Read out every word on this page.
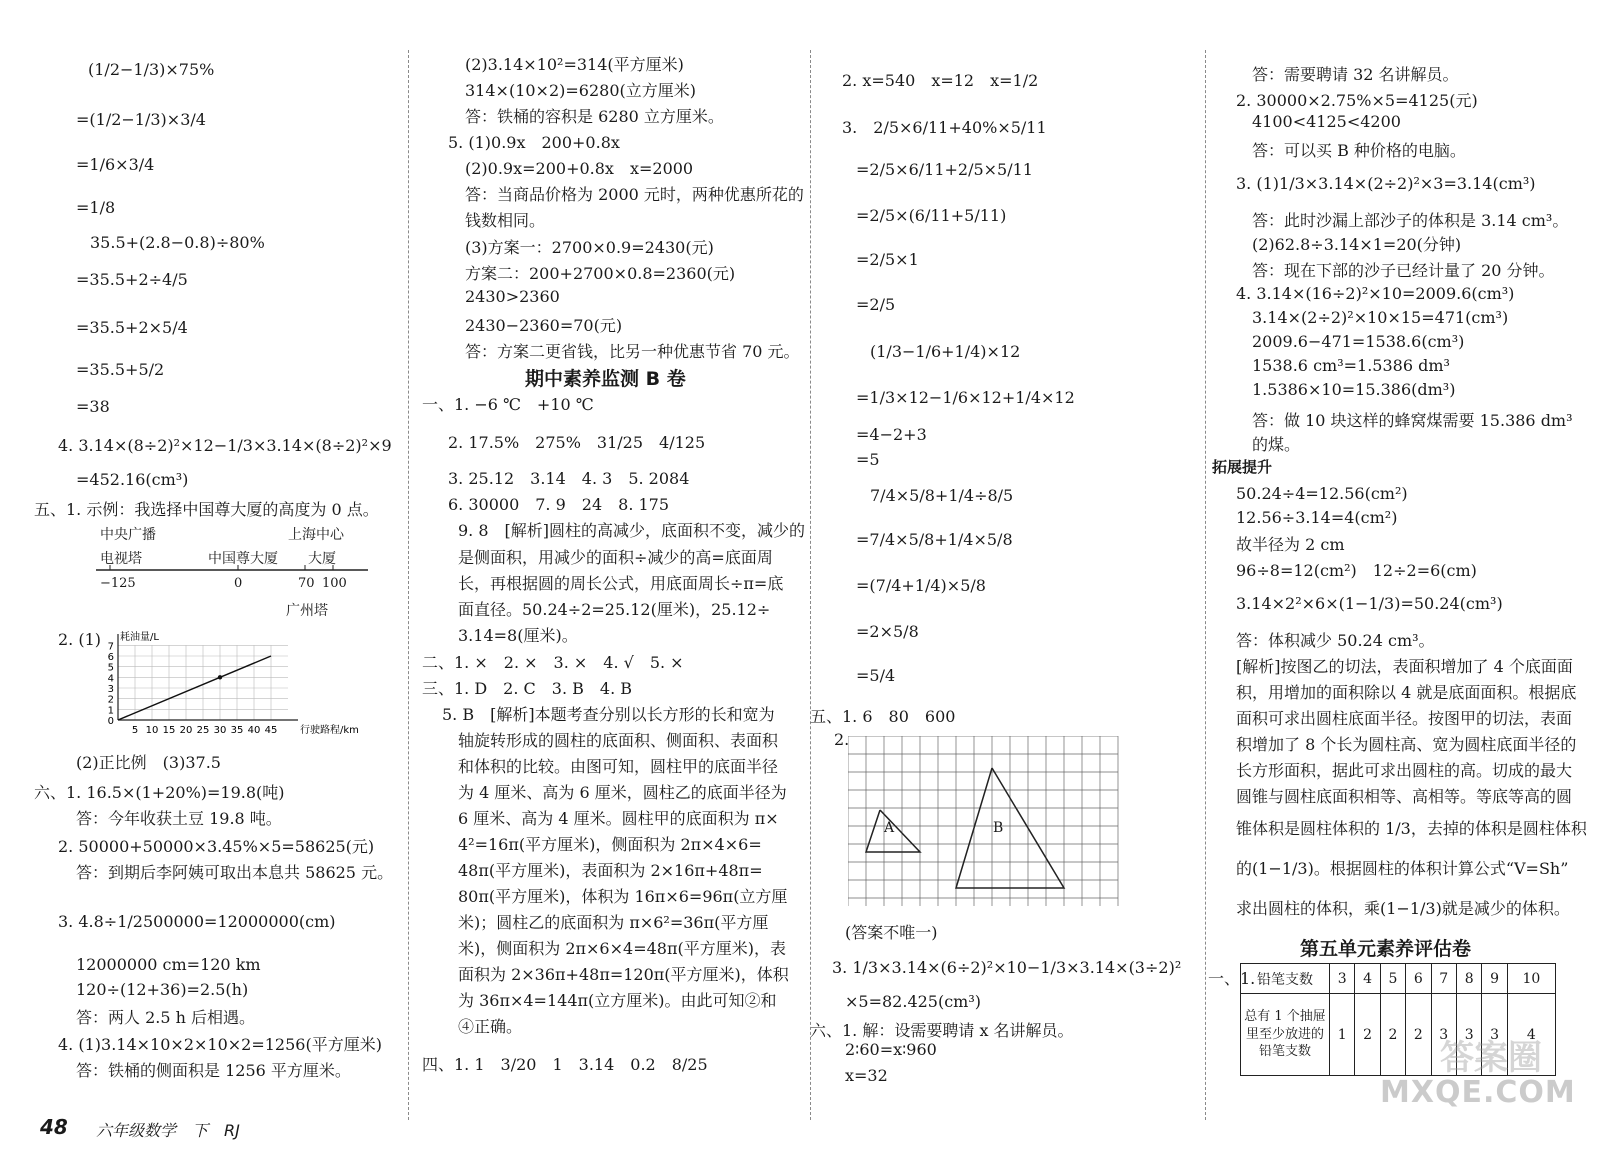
(1/2−1/3)×75%
=(1/2−1/3)×3/4
=1/6×3/4
=1/8
35.5+(2.8−0.8)÷80%
=35.5+2÷4/5
=35.5+2×5/4
=35.5+5/2
=38
4. 3.14×(8÷2)²×12−1/3×3.14×(8÷2)²×9
=452.16(cm³)
五、1. 示例：我选择中国尊大厦的高度为 0 点。
中央广播
电视塔	中国尊大厦
上海中心
大厦
−125	0	70 100
广州塔
2. (1)
1
2
3
4
5
6
7
0
5 10 15 20 25 30 35 40 45
耗油量/L
行驶路程/km
(2)正比例　(3)37.5
六、1. 16.5×(1+20%)=19.8(吨)
答：今年收获土豆 19.8 吨。
2. 50000+50000×3.45%×5=58625(元)
答：到期后李阿姨可取出本息共 58625 元。
3. 4.8÷1/2500000=12000000(cm)
12000000 cm=120 km
120÷(12+36)=2.5(h)
答：两人 2.5 h 后相遇。
4. (1)3.14×10×2×10×2=1256(平方厘米)
答：铁桶的侧面积是 1256 平方厘米。
(2)3.14×10²=314(平方厘米)
314×(10×2)=6280(立方厘米)
答：铁桶的容积是 6280 立方厘米。
5. (1)0.9x　200+0.8x
(2)0.9x=200+0.8x　x=2000
答：当商品价格为 2000 元时，两种优惠所花的
钱数相同。
(3)方案一：2700×0.9=2430(元)
方案二：200+2700×0.8=2360(元)
2430>2360
2430−2360=70(元)
答：方案二更省钱，比另一种优惠节省 70 元。
期中素养监测 B 卷
一、1. −6 ℃　+10 ℃
2. 17.5%　275%　31/25　4/125
3. 25.12　3.14　4. 3　5. 2084
6. 30000　7. 9　24　8. 175
9. 8　[解析]圆柱的高减少，底面积不变，减少的
是侧面积，用减少的面积÷减少的高=底面周
长，再根据圆的周长公式，用底面周长÷π=底
面直径。50.24÷2=25.12(厘米)，25.12÷
3.14=8(厘米)。
二、1. ×　2. ×　3. ×　4. √　5. ×
三、1. D　2. C　3. B　4. B
5. B　[解析]本题考查分别以长方形的长和宽为
轴旋转形成的圆柱的底面积、侧面积、表面积
和体积的比较。由图可知，圆柱甲的底面半径
为 4 厘米、高为 6 厘米，圆柱乙的底面半径为
6 厘米、高为 4 厘米。圆柱甲的底面积为 π×
4²=16π(平方厘米)，侧面积为 2π×4×6=
48π(平方厘米)，表面积为 2×16π+48π=
80π(平方厘米)，体积为 16π×6=96π(立方厘
米)；圆柱乙的底面积为 π×6²=36π(平方厘
米)，侧面积为 2π×6×4=48π(平方厘米)，表
面积为 2×36π+48π=120π(平方厘米)，体积
为 36π×4=144π(立方厘米)。由此可知②和
④正确。
四、1. 1　3/20　1　3.14　0.2　8/25
2. x=540　x=12　x=1/2
3.　2/5×6/11+40%×5/11
=2/5×6/11+2/5×5/11
=2/5×(6/11+5/11)
=2/5×1
=2/5
(1/3−1/6+1/4)×12
=1/3×12−1/6×12+1/4×12
=4−2+3
=5
7/4×5/8+1/4÷8/5
=7/4×5/8+1/4×5/8
=(7/4+1/4)×5/8
=2×5/8
=5/4
五、1. 6　80　600
2.
A	B
(答案不唯一)
3. 1/3×3.14×(6÷2)²×10−1/3×3.14×(3÷2)²
×5=82.425(cm³)
六、1. 解：设需要聘请 x 名讲解员。
2∶60=x∶960
x=32
答：需要聘请 32 名讲解员。
2. 30000×2.75%×5=4125(元)
4100<4125<4200
答：可以买 B 种价格的电脑。
3. (1)1/3×3.14×(2÷2)²×3=3.14(cm³)
答：此时沙漏上部沙子的体积是 3.14 cm³。
(2)62.8÷3.14×1=20(分钟)
答：现在下部的沙子已经计量了 20 分钟。
4. 3.14×(16÷2)²×10=2009.6(cm³)
3.14×(2÷2)²×10×15=471(cm³)
2009.6−471=1538.6(cm³)
1538.6 cm³=1.5386 dm³
1.5386×10=15.386(dm³)
答：做 10 块这样的蜂窝煤需要 15.386 dm³
的煤。
拓展提升
50.24÷4=12.56(cm²)
12.56÷3.14=4(cm²)
故半径为 2 cm
96÷8=12(cm²)　12÷2=6(cm)
3.14×2²×6×(1−1/3)=50.24(cm³)
答：体积减少 50.24 cm³。
[解析]按图乙的切法，表面积增加了 4 个底面面
积，用增加的面积除以 4 就是底面面积。根据底
面积可求出圆柱底面半径。按图甲的切法，表面
积增加了 8 个长为圆柱高、宽为圆柱底面半径的
长方形面积，据此可求出圆柱的高。切成的最大
圆锥与圆柱底面积相等、高相等。等底等高的圆
锥体积是圆柱体积的 1/3，去掉的体积是圆柱体积
的(1−1/3)。根据圆柱的体积计算公式“V=Sh”
求出圆柱的体积，乘(1−1/3)就是减少的体积。
第五单元素养评估卷
一、1. 铅笔支数	3	4	5	6	7	8	9	10
总有 1 个抽屉里至少放进的铅笔支数	1	2	2	2	3	3	3	4
48 六年级数学　下　RJ
答案圈
MXQE.COM
